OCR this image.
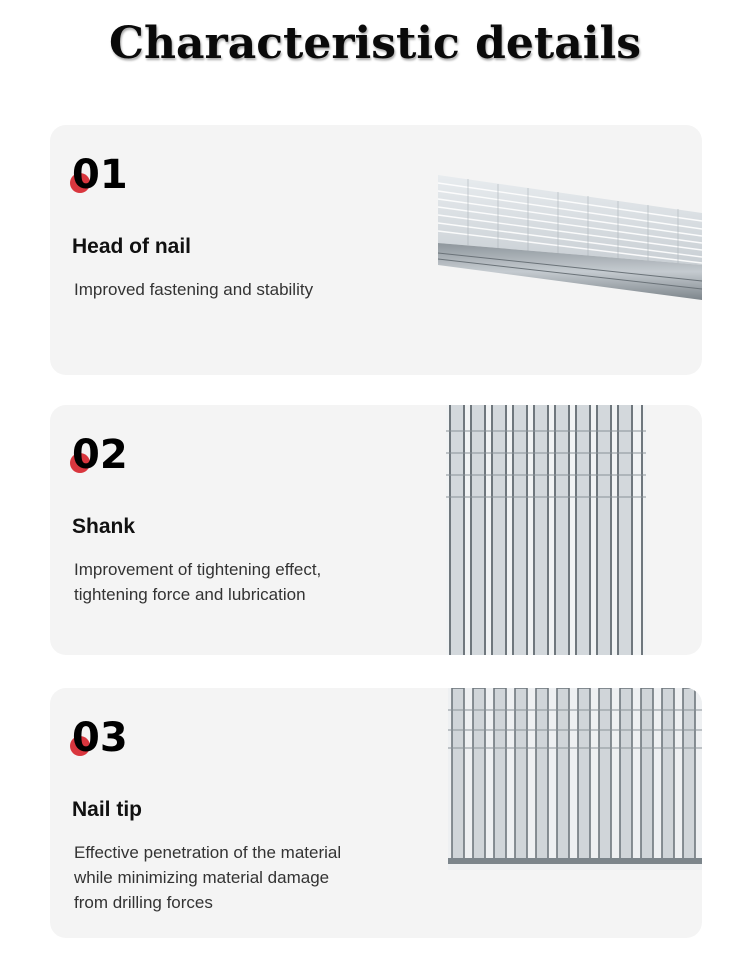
Characteristic details
01
Head of nail
Improved fastening and stability
02
Shank
Improvement of tightening effect,
tightening force and lubrication
03
Nail tip
Effective penetration of the material
while minimizing material damage
from drilling forces
